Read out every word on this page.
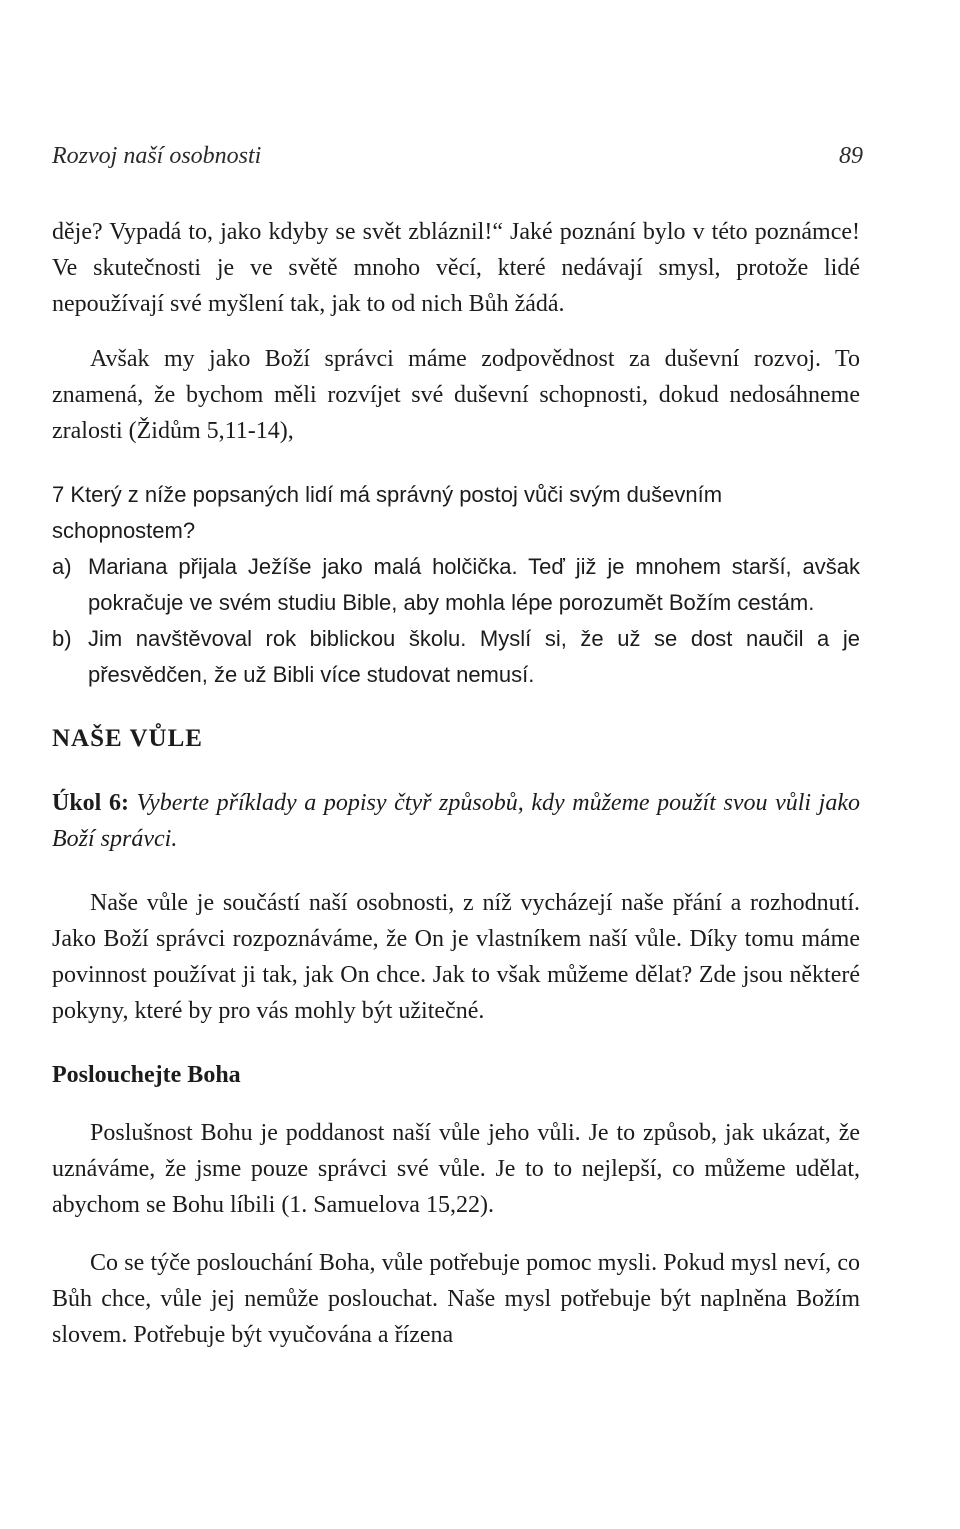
Rozvoj naší osobnosti	89

děje? Vypadá to, jako kdyby se svět zbláznil!“ Jaké poznání bylo v této poznámce! Ve skutečnosti je ve světě mnoho věcí, které nedávají smysl, protože lidé nepoužívají své myšlení tak, jak to od nich Bůh žádá.

Avšak my jako Boží správci máme zodpovědnost za duševní rozvoj. To znamená, že bychom měli rozvíjet své duševní schopnosti, dokud nedosáhneme zralosti (Židům 5,11-14),

7 Který z níže popsaných lidí má správný postoj vůči svým duševním schopnostem?

a) Mariana přijala Ježíše jako malá holčička. Teď již je mnohem starší, avšak pokračuje ve svém studiu Bible, aby mohla lépe porozumět Božím cestám.
b) Jim navštěvoval rok biblickou školu. Myslí si, že už se dost naučil a je přesvědčen, že už Bibli více studovat nemusí.

NAŠE VŮLE

Úkol 6: Vyberte příklady a popisy čtyř způsobů, kdy můžeme použít svou vůli jako Boží správci.

Naše vůle je součástí naší osobnosti, z níž vycházejí naše přání a rozhodnutí. Jako Boží správci rozpoznáváme, že On je vlastníkem naší vůle. Díky tomu máme povinnost používat ji tak, jak On chce. Jak to však můžeme dělat? Zde jsou některé pokyny, které by pro vás mohly být užitečné.

Poslouchejte Boha

Poslušnost Bohu je poddanost naší vůle jeho vůli. Je to způsob, jak ukázat, že uznáváme, že jsme pouze správci své vůle. Je to to nejlepší, co můžeme udělat, abychom se Bohu líbili (1. Samuelova 15,22).

Co se týče poslouchání Boha, vůle potřebuje pomoc mysli. Pokud mysl neví, co Bůh chce, vůle jej nemůže poslouchat. Naše mysl potřebuje být naplněna Božím slovem. Potřebuje být vyučována a řízena
